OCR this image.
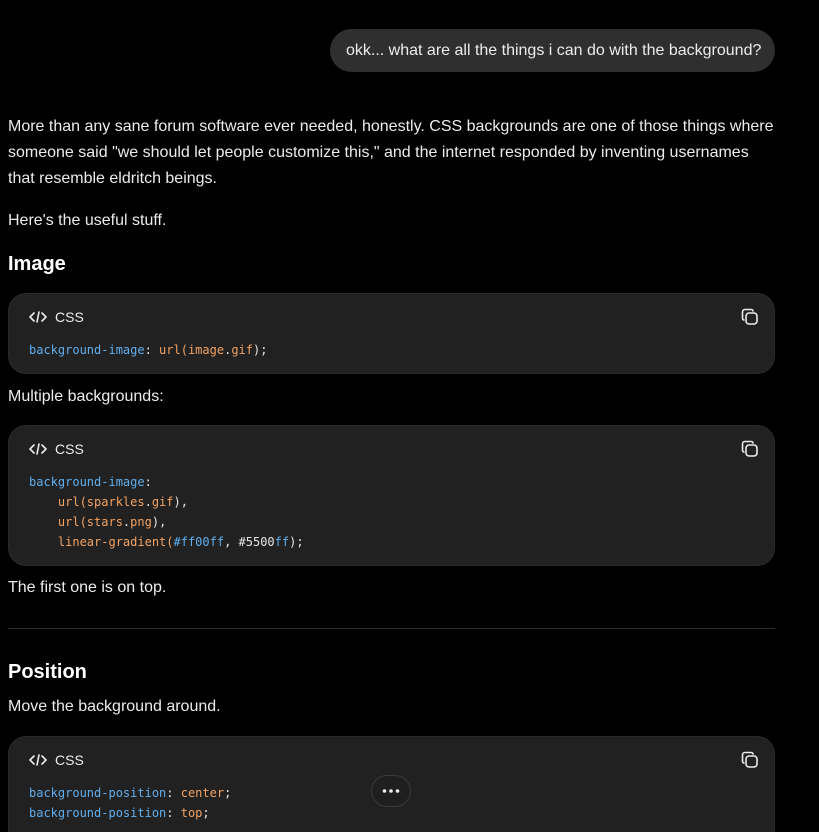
okk... what are all the things i can do with the background?

More than any sane forum software ever needed, honestly. CSS backgrounds are one of those things where someone said "we should let people customize this," and the internet responded by inventing usernames that resemble eldritch beings.

Here's the useful stuff.

Image
CSS
background-image: url(image.gif);
Multiple backgrounds:
CSS
background-image:
url(sparkles.gif),
url(stars.png),
linear-gradient(#ff00ff, #5500ff);
The first one is on top.
Position
Move the background around.
CSS
background-position: center;
background-position: top;
